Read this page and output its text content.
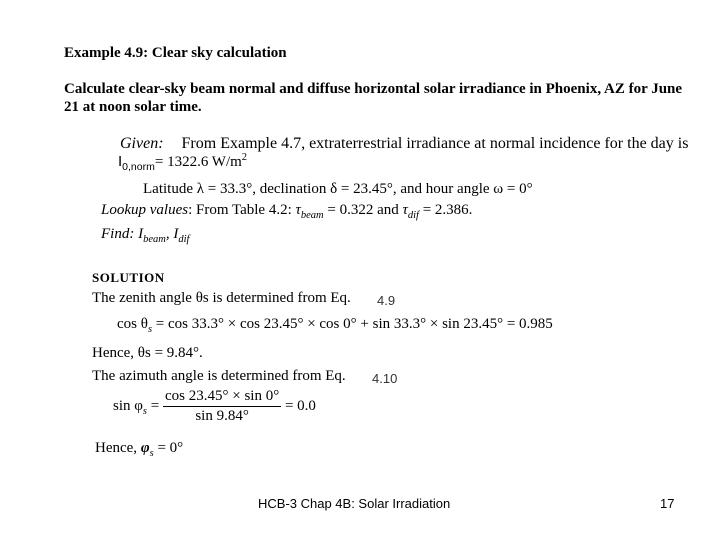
Example 4.9: Clear sky calculation
Calculate clear-sky beam normal and diffuse horizontal solar irradiance in Phoenix, AZ for June
21 at noon solar time.
Given: From Example 4.7, extraterrestrial irradiance at normal incidence for the day is
$I_{0,norm}= 1322.6$ $W/m^2$
Latitude λ = 33.3°, declination δ = 23.45°, and hour angle ω = 0°
Lookup values: From Table 4.2: $\tau_{beam} = 0.322$ and $\tau_{dif} = 2.386$.
Find: $I_{beam}$, $I_{dif}$
SOLUTION
The zenith angle θs is determined from Eq. 4.9
$\cos \theta_s = \cos 33.3^\circ \times \cos 23.45^\circ \times \cos 0^\circ + \sin 33.3^\circ \times \sin 23.45^\circ = 0.985$
Hence, θs = 9.84°.
The azimuth angle is determined from Eq. 4.10
$\sin \varphi_s = \frac{\cos 23.45^\circ \times \sin 0^\circ}{\sin 9.84^\circ} = 0.0$
Hence, $\varphi_s = 0^\circ$
HCB-3 Chap 4B: Solar Irradiation	17
